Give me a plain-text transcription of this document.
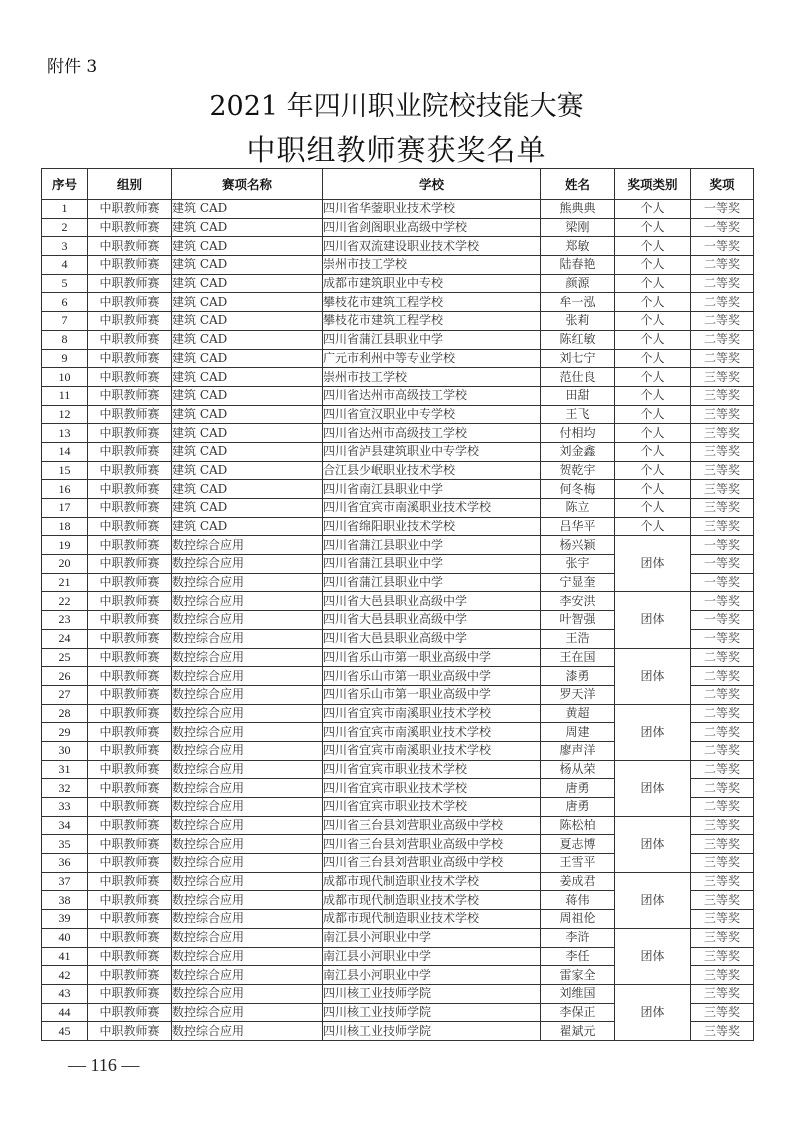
附件 3
2021 年四川职业院校技能大赛
中职组教师赛获奖名单
序号	组别	赛项名称	学校	姓名	奖项类别	奖项
1	中职教师赛	建筑 CAD	四川省华蓥职业技术学校	熊典典	个人	一等奖
2	中职教师赛	建筑 CAD	四川省剑阁职业高级中学校	梁刚	个人	一等奖
3	中职教师赛	建筑 CAD	四川省双流建设职业技术学校	郑敏	个人	一等奖
4	中职教师赛	建筑 CAD	崇州市技工学校	陆春艳	个人	二等奖
5	中职教师赛	建筑 CAD	成都市建筑职业中专校	颜源	个人	二等奖
6	中职教师赛	建筑 CAD	攀枝花市建筑工程学校	牟一泓	个人	二等奖
7	中职教师赛	建筑 CAD	攀枝花市建筑工程学校	张莉	个人	二等奖
8	中职教师赛	建筑 CAD	四川省蒲江县职业中学	陈红敏	个人	二等奖
9	中职教师赛	建筑 CAD	广元市利州中等专业学校	刘七宁	个人	二等奖
10	中职教师赛	建筑 CAD	崇州市技工学校	范仕良	个人	三等奖
11	中职教师赛	建筑 CAD	四川省达州市高级技工学校	田甜	个人	三等奖
12	中职教师赛	建筑 CAD	四川省宣汉职业中专学校	王飞	个人	三等奖
13	中职教师赛	建筑 CAD	四川省达州市高级技工学校	付相均	个人	三等奖
14	中职教师赛	建筑 CAD	四川省泸县建筑职业中专学校	刘金鑫	个人	三等奖
15	中职教师赛	建筑 CAD	合江县少岷职业技术学校	贺乾宇	个人	三等奖
16	中职教师赛	建筑 CAD	四川省南江县职业中学	何冬梅	个人	三等奖
17	中职教师赛	建筑 CAD	四川省宜宾市南溪职业技术学校	陈立	个人	三等奖
18	中职教师赛	建筑 CAD	四川省绵阳职业技术学校	吕华平	个人	三等奖
19	中职教师赛	数控综合应用	四川省蒲江县职业中学	杨兴颖	团体	一等奖
20	中职教师赛	数控综合应用	四川省蒲江县职业中学	张宇		一等奖
21	中职教师赛	数控综合应用	四川省蒲江县职业中学	宁显奎		一等奖
22	中职教师赛	数控综合应用	四川省大邑县职业高级中学	李安洪	团体	一等奖
23	中职教师赛	数控综合应用	四川省大邑县职业高级中学	叶智强		一等奖
24	中职教师赛	数控综合应用	四川省大邑县职业高级中学	王浩		一等奖
25	中职教师赛	数控综合应用	四川省乐山市第一职业高级中学	王在国	团体	二等奖
26	中职教师赛	数控综合应用	四川省乐山市第一职业高级中学	漆勇		二等奖
27	中职教师赛	数控综合应用	四川省乐山市第一职业高级中学	罗天洋		二等奖
28	中职教师赛	数控综合应用	四川省宜宾市南溪职业技术学校	黄超	团体	二等奖
29	中职教师赛	数控综合应用	四川省宜宾市南溪职业技术学校	周建		二等奖
30	中职教师赛	数控综合应用	四川省宜宾市南溪职业技术学校	廖声洋		二等奖
31	中职教师赛	数控综合应用	四川省宜宾市职业技术学校	杨从荣	团体	二等奖
32	中职教师赛	数控综合应用	四川省宜宾市职业技术学校	唐勇		二等奖
33	中职教师赛	数控综合应用	四川省宜宾市职业技术学校	唐勇		二等奖
34	中职教师赛	数控综合应用	四川省三台县刘营职业高级中学校	陈松柏	团体	三等奖
35	中职教师赛	数控综合应用	四川省三台县刘营职业高级中学校	夏志博		三等奖
36	中职教师赛	数控综合应用	四川省三台县刘营职业高级中学校	王雪平		三等奖
37	中职教师赛	数控综合应用	成都市现代制造职业技术学校	姜成君	团体	三等奖
38	中职教师赛	数控综合应用	成都市现代制造职业技术学校	蒋伟		三等奖
39	中职教师赛	数控综合应用	成都市现代制造职业技术学校	周祖伦		三等奖
40	中职教师赛	数控综合应用	南江县小河职业中学	李浒	团体	三等奖
41	中职教师赛	数控综合应用	南江县小河职业中学	李任		三等奖
42	中职教师赛	数控综合应用	南江县小河职业中学	雷家全		三等奖
43	中职教师赛	数控综合应用	四川核工业技师学院	刘维国	团体	三等奖
44	中职教师赛	数控综合应用	四川核工业技师学院	李保正		三等奖
45	中职教师赛	数控综合应用	四川核工业技师学院	翟斌元		三等奖
— 116 —
